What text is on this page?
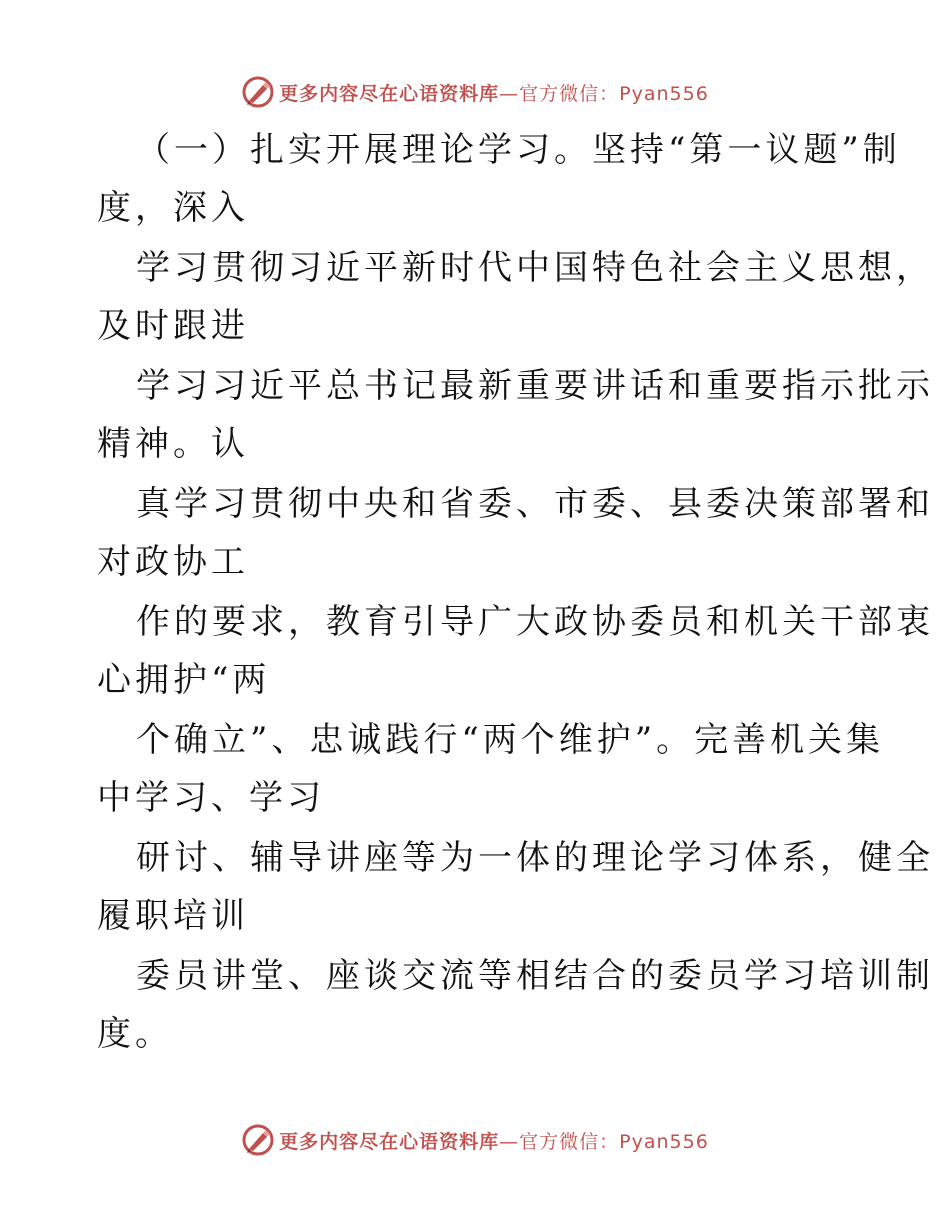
更多内容尽在心语资料库 —官方微信：Pyan556
（一）扎实开展理论学习。坚持“第一议题”制
度，深入
学习贯彻习近平新时代中国特色社会主义思想，
及时跟进
学习习近平总书记最新重要讲话和重要指示批示
精神。认
真学习贯彻中央和省委、市委、县委决策部署和
对政协工
作的要求，教育引导广大政协委员和机关干部衷
心拥护“两
个确立”、忠诚践行“两个维护”。完善机关集
中学习、学习
研讨、辅导讲座等为一体的理论学习体系，健全
履职培训
委员讲堂、座谈交流等相结合的委员学习培训制
度。
更多内容尽在心语资料库 —官方微信：Pyan556
